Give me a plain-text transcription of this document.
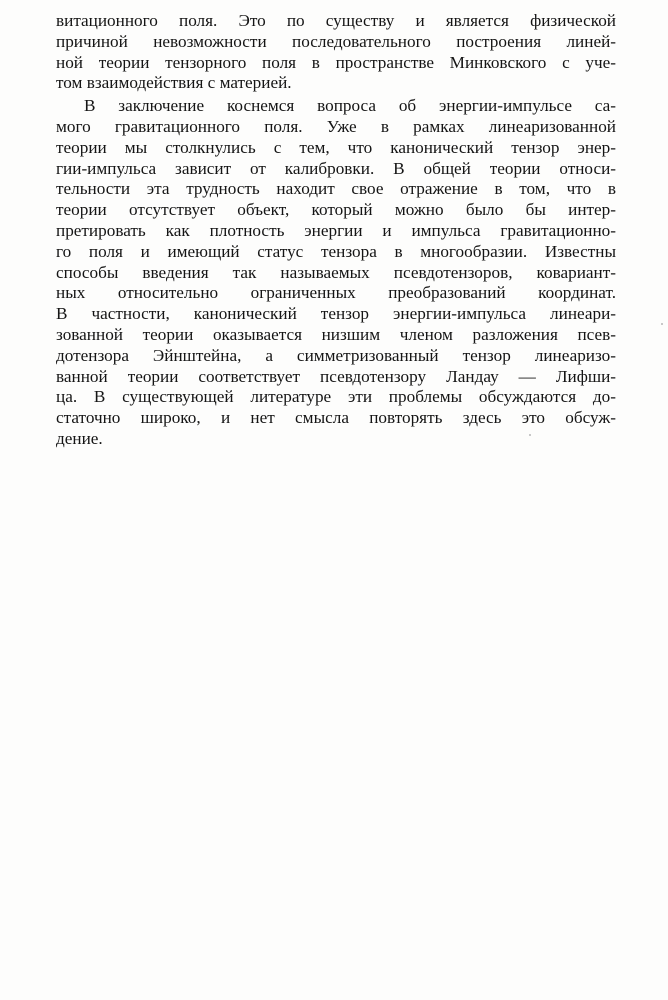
витационного поля. Это по существу и является физической
причиной невозможности последовательного построения линей-
ной теории тензорного поля в пространстве Минковского с уче-
том взаимодействия с материей.
В заключение коснемся вопроса об энергии-импульсе са-
мого гравитационного поля. Уже в рамках линеаризованной
теории мы столкнулись с тем, что канонический тензор энер-
гии-импульса зависит от калибровки. В общей теории относи-
тельности эта трудность находит свое отражение в том, что в
теории отсутствует объект, который можно было бы интер-
претировать как плотность энергии и импульса гравитационно-
го поля и имеющий статус тензора в многообразии. Известны
способы введения так называемых псевдотензоров, ковариант-
ных относительно ограниченных преобразований координат.
В частности, канонический тензор энергии-импульса линеари-
зованной теории оказывается низшим членом разложения псев-
дотензора Эйнштейна, а симметризованный тензор линеаризо-
ванной теории соответствует псевдотензору Ландау — Лифши-
ца. В существующей литературе эти проблемы обсуждаются до-
статочно широко, и нет смысла повторять здесь это обсуж-
дение.
